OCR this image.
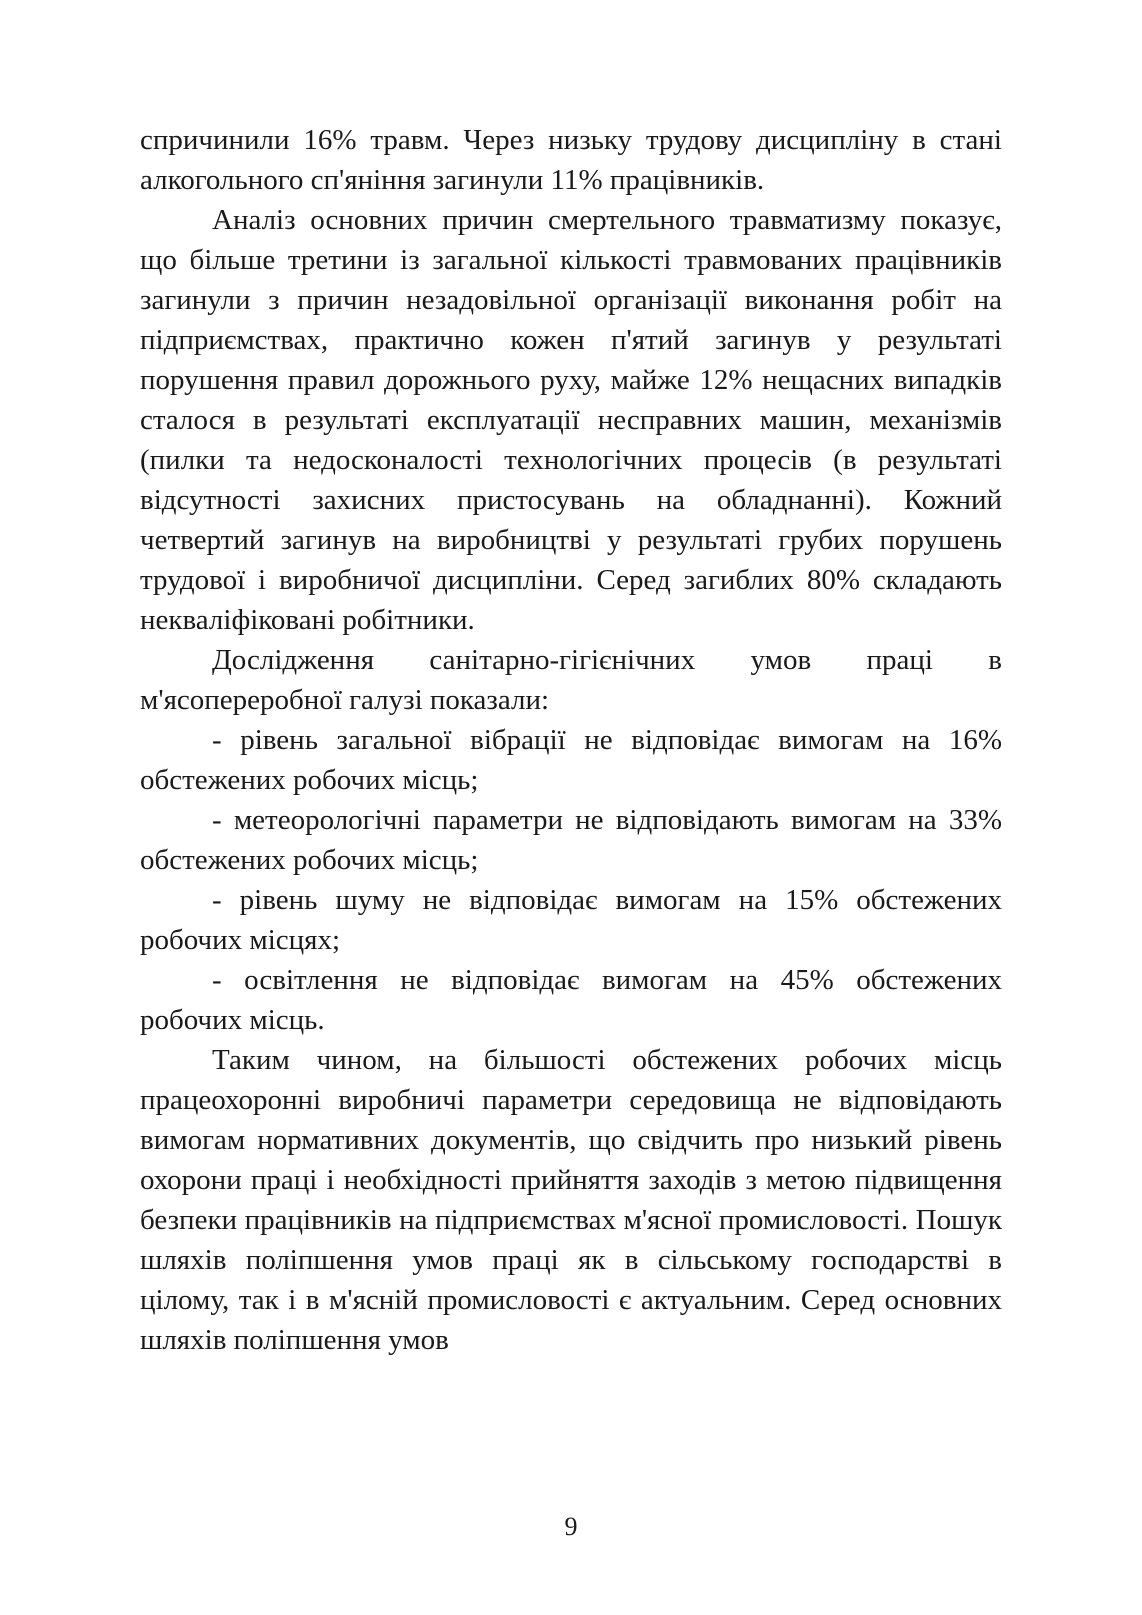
спричинили 16% травм. Через низьку трудову дисципліну в стані алкогольного сп'яніння загинули 11% працівників.

Аналіз основних причин смертельного травматизму показує, що більше третини із загальної кількості травмованих працівників загинули з причин незадовільної організації виконання робіт на підприємствах, практично кожен п'ятий загинув у результаті порушення правил дорожнього руху, майже 12% нещасних випадків сталося в результаті експлуатації несправних машин, механізмів (пилки та недосконалості технологічних процесів (в результаті відсутності захисних пристосувань на обладнанні). Кожний четвертий загинув на виробництві у результаті грубих порушень трудової і виробничої дисципліни. Серед загиблих 80% складають некваліфіковані робітники.

Дослідження санітарно-гігієнічних умов праці в м'ясопереробної галузі показали:

- рівень загальної вібрації не відповідає вимогам на 16% обстежених робочих місць;

- метеорологічні параметри не відповідають вимогам на 33% обстежених робочих місць;

- рівень шуму не відповідає вимогам на 15% обстежених робочих місцях;

- освітлення не відповідає вимогам на 45% обстежених робочих місць.

Таким чином, на більшості обстежених робочих місць працеохоронні виробничі параметри середовища не відповідають вимогам нормативних документів, що свідчить про низький рівень охорони праці і необхідності прийняття заходів з метою підвищення безпеки працівників на підприємствах м'ясної промисловості. Пошук шляхів поліпшення умов праці як в сільському господарстві в цілому, так і в м'ясній промисловості є актуальним. Серед основних шляхів поліпшення умов

9
